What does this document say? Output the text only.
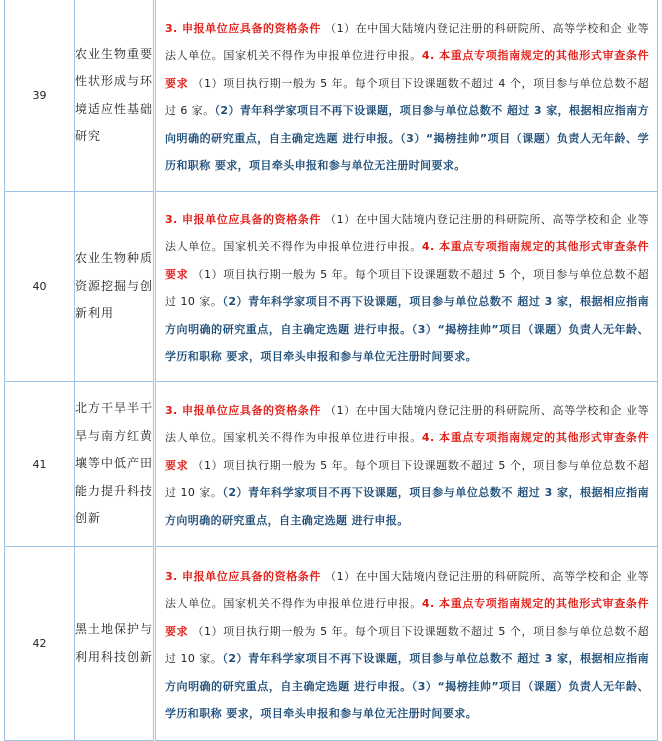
39	农业生物重要性状形成与环境适应性基础 研究	3. 申报单位应具备的资格条件 （1）在中国大陆境内登记注册的科研院所、高等学校和企 业等法人单位。国家机关不得作为申报单位进行申报。4. 本重点专项指南规定的其他形式审查条件要求 （1）项目执行期一般为 5 年。每个项目下设课题数不超过 4 个，项目参与单位总数不超过 6 家。（2）青年科学家项目不再下设课题，项目参与单位总数不 超过 3 家，根据相应指南方向明确的研究重点，自主确定选题 进行申报。（3）“揭榜挂帅”项目（课题）负责人无年龄、学历和职称 要求，项目牵头申报和参与单位无注册时间要求。
40	农业生物种质资源挖掘与创新利用	3. 申报单位应具备的资格条件 （1）在中国大陆境内登记注册的科研院所、高等学校和企 业等法人单位。国家机关不得作为申报单位进行申报。4. 本重点专项指南规定的其他形式审查条件要求 （1）项目执行期一般为 5 年。每个项目下设课题数不超过 5 个，项目参与单位总数不超过 10 家。（2）青年科学家项目不再下设课题，项目参与单位总数不 超过 3 家，根据相应指南方向明确的研究重点，自主确定选题 进行申报。（3）“揭榜挂帅”项目（课题）负责人无年龄、学历和职称 要求，项目牵头申报和参与单位无注册时间要求。
41	北方干旱半干旱与南方红黄壤等中低产田 能力提升科技创新	3. 申报单位应具备的资格条件 （1）在中国大陆境内登记注册的科研院所、高等学校和企 业等法人单位。国家机关不得作为申报单位进行申报。4. 本重点专项指南规定的其他形式审查条件要求 （1）项目执行期一般为 5 年。每个项目下设课题数不超过 5 个，项目参与单位总数不超过 10 家。（2）青年科学家项目不再下设课题，项目参与单位总数不 超过 3 家，根据相应指南方向明确的研究重点，自主确定选题 进行申报。
42	黑土地保护与利用科技创新	3. 申报单位应具备的资格条件 （1）在中国大陆境内登记注册的科研院所、高等学校和企 业等法人单位。国家机关不得作为申报单位进行申报。4. 本重点专项指南规定的其他形式审查条件要求 （1）项目执行期一般为 5 年。每个项目下设课题数不超过 5 个，项目参与单位总数不超过 10 家。（2）青年科学家项目不再下设课题，项目参与单位总数不 超过 3 家，根据相应指南方向明确的研究重点，自主确定选题 进行申报。（3）“揭榜挂帅”项目（课题）负责人无年龄、学历和职称 要求，项目牵头申报和参与单位无注册时间要求。
